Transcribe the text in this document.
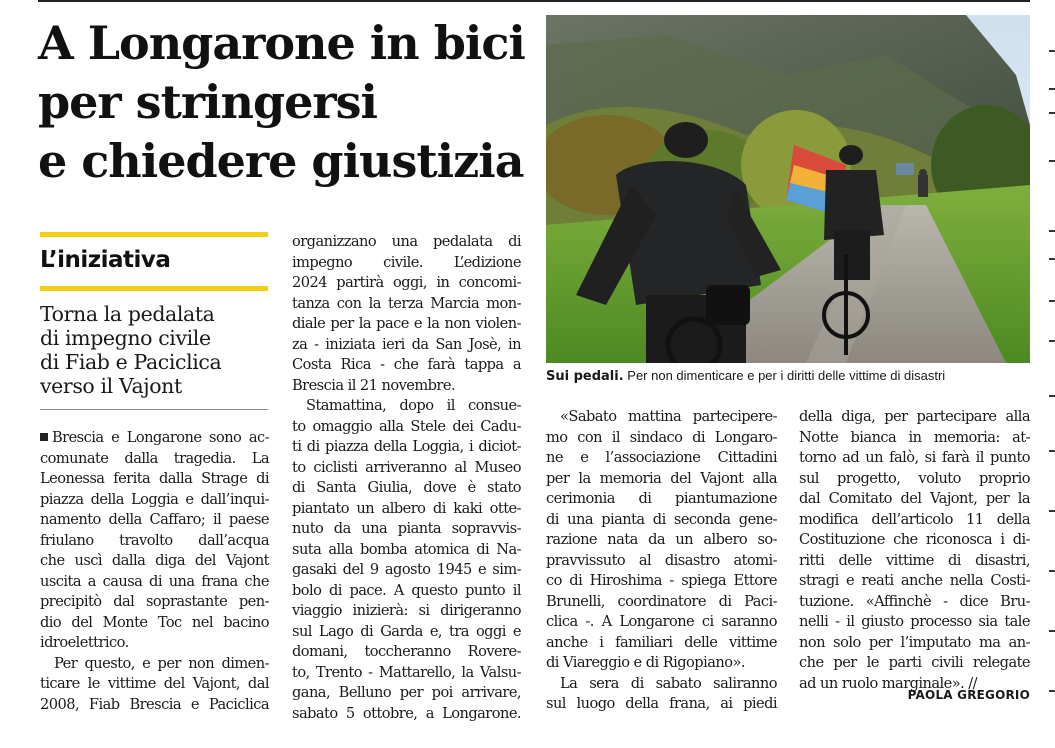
A Longarone in bici
per stringersi
e chiedere giustizia
L’iniziativa
Torna la pedalata
di impegno civile
di Fiab e Paciclica
verso il Vajont
Brescia e Longarone sono ac-
comunate dalla tragedia. La
Leonessa ferita dalla Strage di
piazza della Loggia e dall’inqui-
namento della Caffaro; il paese
friulano travolto dall’acqua
che uscì dalla diga del Vajont
uscita a causa di una frana che
precipitò dal soprastante pen-
dio del Monte Toc nel bacino
idroelettrico.
Per questo, e per non dimen-
ticare le vittime del Vajont, dal
2008, Fiab Brescia e Paciclica
organizzano una pedalata di
impegno civile. L’edizione
2024 partirà oggi, in concomi-
tanza con la terza Marcia mon-
diale per la pace e la non violen-
za - iniziata ieri da San Josè, in
Costa Rica - che farà tappa a
Brescia il 21 novembre.
Stamattina, dopo il consue-
to omaggio alla Stele dei Cadu-
ti di piazza della Loggia, i diciot-
to ciclisti arriveranno al Museo
di Santa Giulia, dove è stato
piantato un albero di kaki otte-
nuto da una pianta sopravvis-
suta alla bomba atomica di Na-
gasaki del 9 agosto 1945 e sim-
bolo di pace. A questo punto il
viaggio inizierà: si dirigeranno
sul Lago di Garda e, tra oggi e
domani, toccheranno Rovere-
to, Trento - Mattarello, la Valsu-
gana, Belluno per poi arrivare,
sabato 5 ottobre, a Longarone.
Sui pedali. Per non dimenticare e per i diritti delle vittime di disastri
«Sabato mattina partecipere-
mo con il sindaco di Longaro-
ne e l’associazione Cittadini
per la memoria del Vajont alla
cerimonia di piantumazione
di una pianta di seconda gene-
razione nata da un albero so-
pravvissuto al disastro atomi-
co di Hiroshima - spiega Ettore
Brunelli, coordinatore di Paci-
clica -. A Longarone ci saranno
anche i familiari delle vittime
di Viareggio e di Rigopiano».
La sera di sabato saliranno
sul luogo della frana, ai piedi
della diga, per partecipare alla
Notte bianca in memoria: at-
torno ad un falò, si farà il punto
sul progetto, voluto proprio
dal Comitato del Vajont, per la
modifica dell’articolo 11 della
Costituzione che riconosca i di-
ritti delle vittime di disastri,
stragi e reati anche nella Costi-
tuzione. «Affinchè - dice Bru-
nelli - il giusto processo sia tale
non solo per l’imputato ma an-
che per le parti civili relegate
ad un ruolo marginale». //
PAOLA GREGORIO
